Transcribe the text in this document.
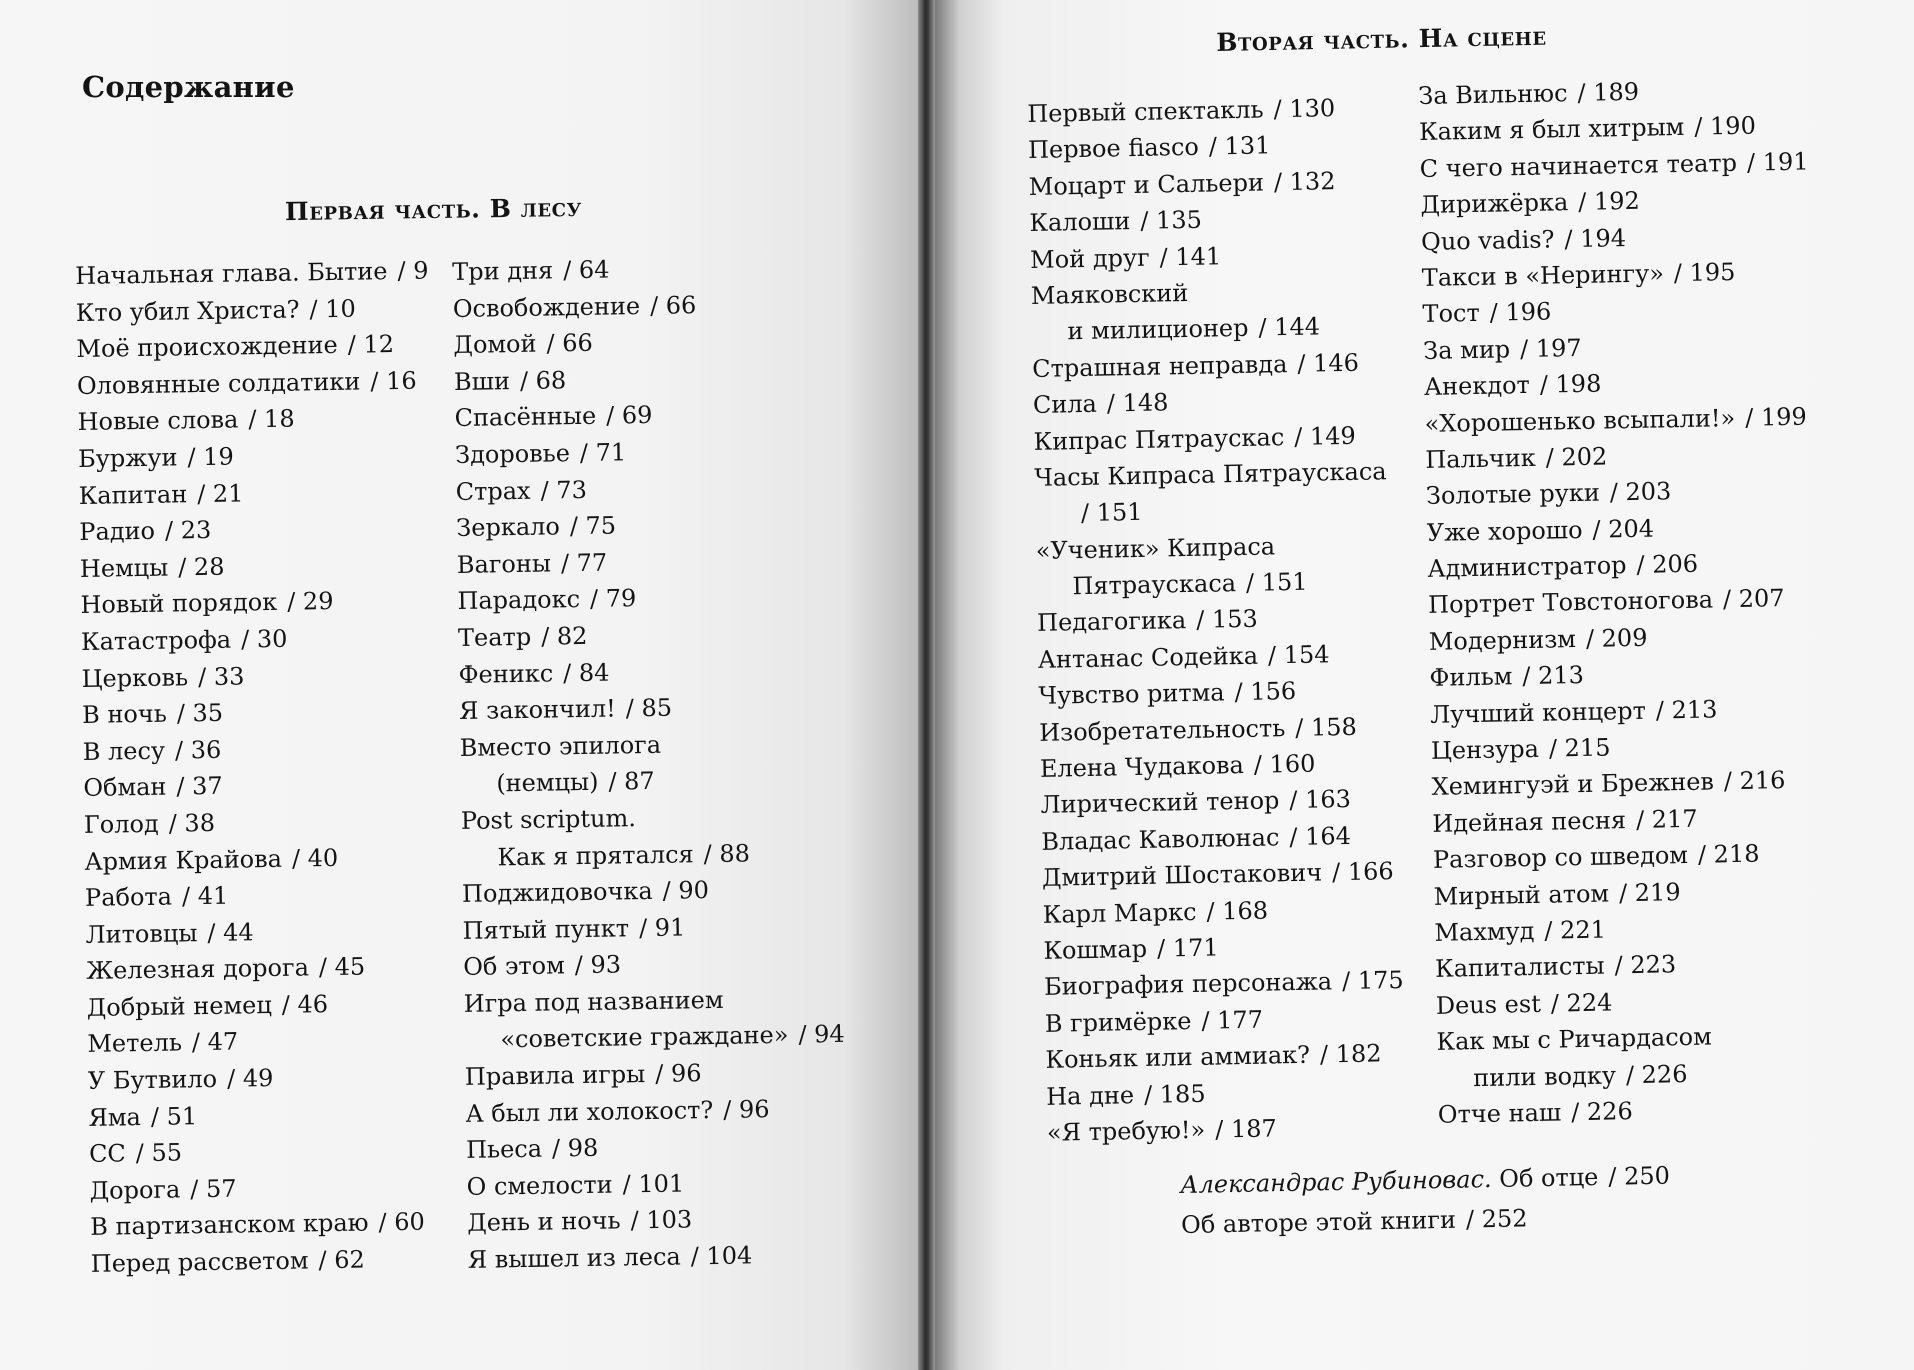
Содержание
Первая часть. В лесу
Начальная глава. Бытие / 9
Кто убил Христа? / 10
Моё происхождение / 12
Оловянные солдатики / 16
Новые слова / 18
Буржуи / 19
Капитан / 21
Радио / 23
Немцы / 28
Новый порядок / 29
Катастрофа / 30
Церковь / 33
В ночь / 35
В лесу / 36
Обман / 37
Голод / 38
Армия Крайова / 40
Работа / 41
Литовцы / 44
Железная дорога / 45
Добрый немец / 46
Метель / 47
У Бутвило / 49
Яма / 51
СС / 55
Дорога / 57
В партизанском краю / 60
Перед рассветом / 62
Три дня / 64
Освобождение / 66
Домой / 66
Вши / 68
Спасённые / 69
Здоровье / 71
Страх / 73
Зеркало / 75
Вагоны / 77
Парадокс / 79
Театр / 82
Феникс / 84
Я закончил! / 85
Вместо эпилога
(немцы) / 87
Post scriptum.
Как я прятался / 88
Поджидовочка / 90
Пятый пункт / 91
Об этом / 93
Игра под названием
«советские граждане» / 94
Правила игры / 96
А был ли холокост? / 96
Пьеса / 98
О смелости / 101
День и ночь / 103
Я вышел из леса / 104
Вторая часть. На сцене
Первый спектакль / 130
Первое fiasco / 131
Моцарт и Сальери / 132
Калоши / 135
Мой друг / 141
Маяковский
и милиционер / 144
Страшная неправда / 146
Сила / 148
Кипрас Пятраускас / 149
Часы Кипраса Пятраускаса
/ 151
«Ученик» Кипраса
Пятраускаса / 151
Педагогика / 153
Антанас Содейка / 154
Чувство ритма / 156
Изобретательность / 158
Елена Чудакова / 160
Лирический тенор / 163
Владас Каволюнас / 164
Дмитрий Шостакович / 166
Карл Маркс / 168
Кошмар / 171
Биография персонажа / 175
В гримёрке / 177
Коньяк или аммиак? / 182
На дне / 185
«Я требую!» / 187
За Вильнюс / 189
Каким я был хитрым / 190
С чего начинается театр / 191
Дирижёрка / 192
Quo vadis? / 194
Такси в «Нерингу» / 195
Тост / 196
За мир / 197
Анекдот / 198
«Хорошенько всыпали!» / 199
Пальчик / 202
Золотые руки / 203
Уже хорошо / 204
Администратор / 206
Портрет Товстоногова / 207
Модернизм / 209
Фильм / 213
Лучший концерт / 213
Цензура / 215
Хемингуэй и Брежнев / 216
Идейная песня / 217
Разговор со шведом / 218
Мирный атом / 219
Махмуд / 221
Капиталисты / 223
Deus est / 224
Как мы с Ричардасом
пили водку / 226
Отче наш / 226
Александрас Рубиновас. Об отце / 250
Об авторе этой книги / 252
